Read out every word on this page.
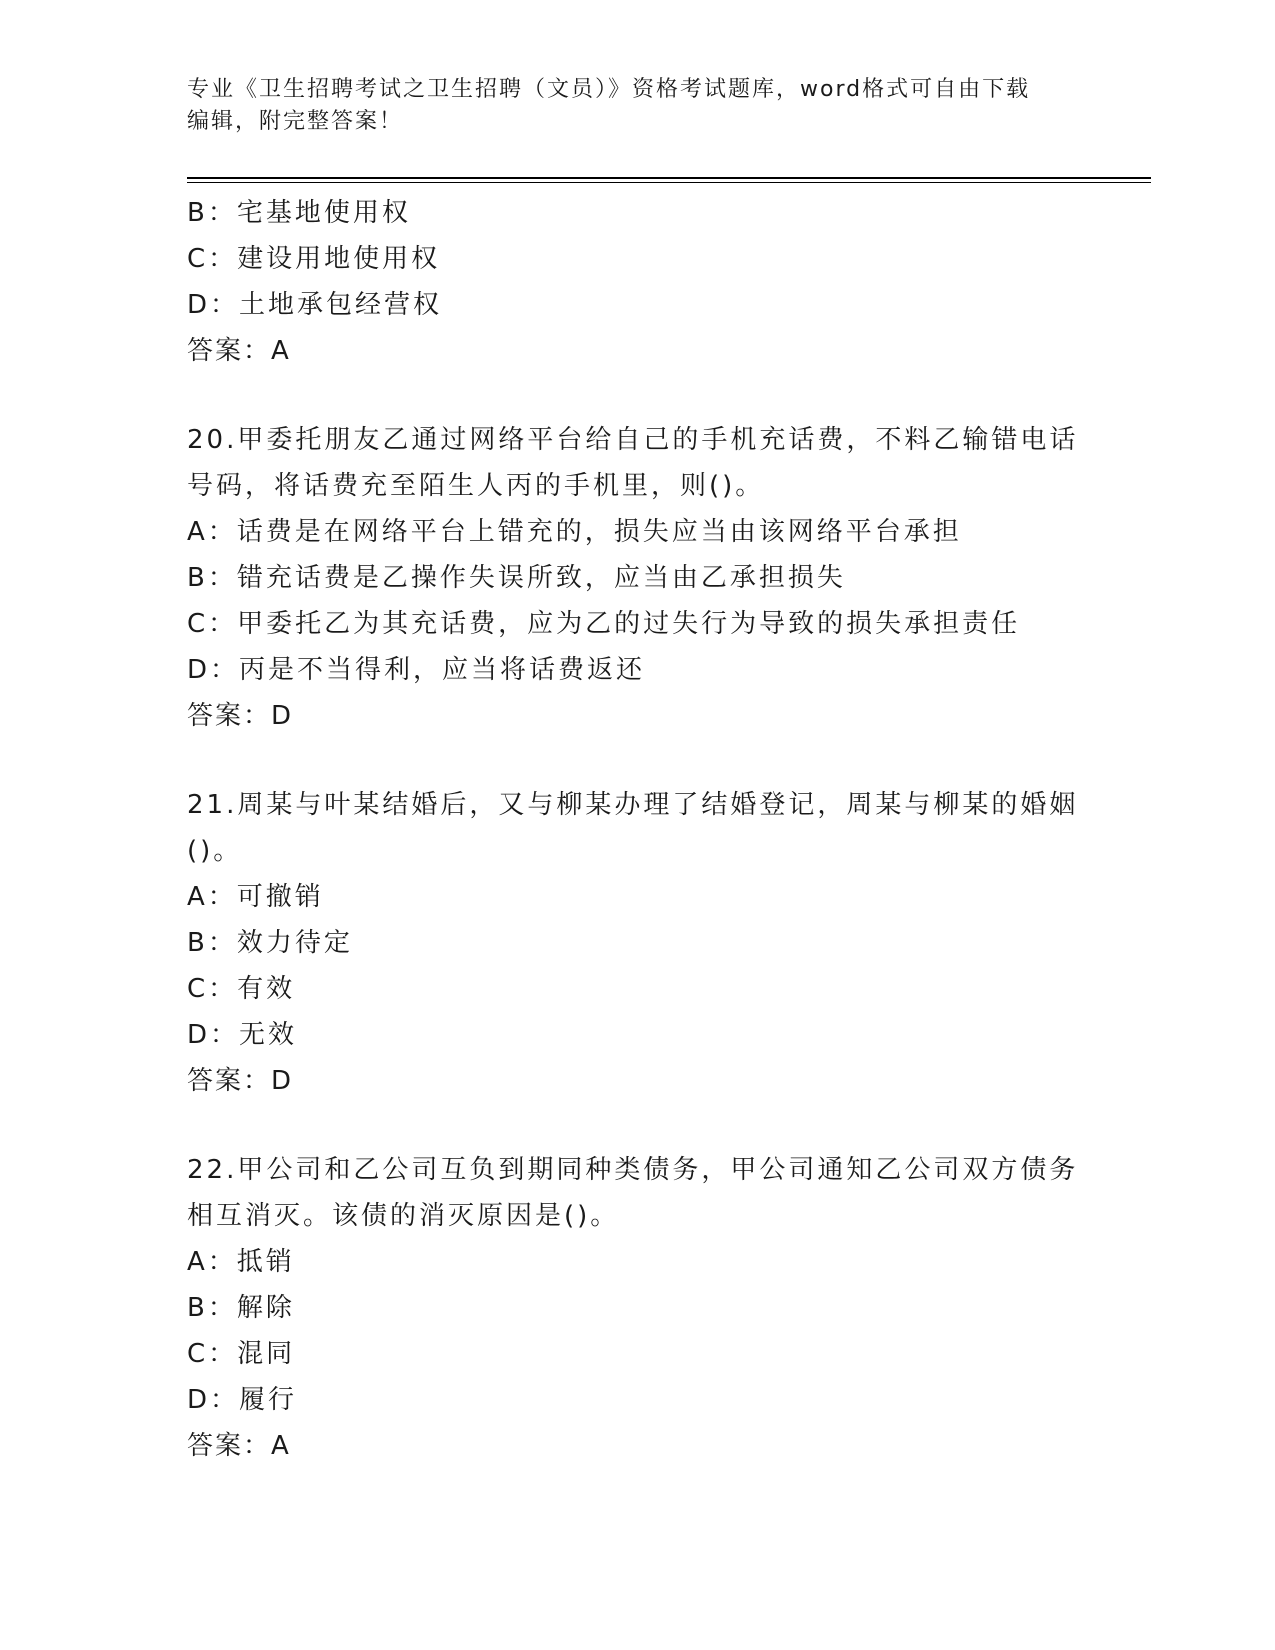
专业《卫生招聘考试之卫生招聘（文员）》资格考试题库，word格式可自由下载
编辑，附完整答案！
B：宅基地使用权
C：建设用地使用权
D：土地承包经营权
答案：A
20.甲委托朋友乙通过网络平台给自己的手机充话费，不料乙输错电话
号码，将话费充至陌生人丙的手机里，则()。
A：话费是在网络平台上错充的，损失应当由该网络平台承担
B：错充话费是乙操作失误所致，应当由乙承担损失
C：甲委托乙为其充话费，应为乙的过失行为导致的损失承担责任
D：丙是不当得利，应当将话费返还
答案：D
21.周某与叶某结婚后，又与柳某办理了结婚登记，周某与柳某的婚姻
()。
A：可撤销
B：效力待定
C：有效
D：无效
答案：D
22.甲公司和乙公司互负到期同种类债务，甲公司通知乙公司双方债务
相互消灭。该债的消灭原因是()。
A：抵销
B：解除
C：混同
D：履行
答案：A
